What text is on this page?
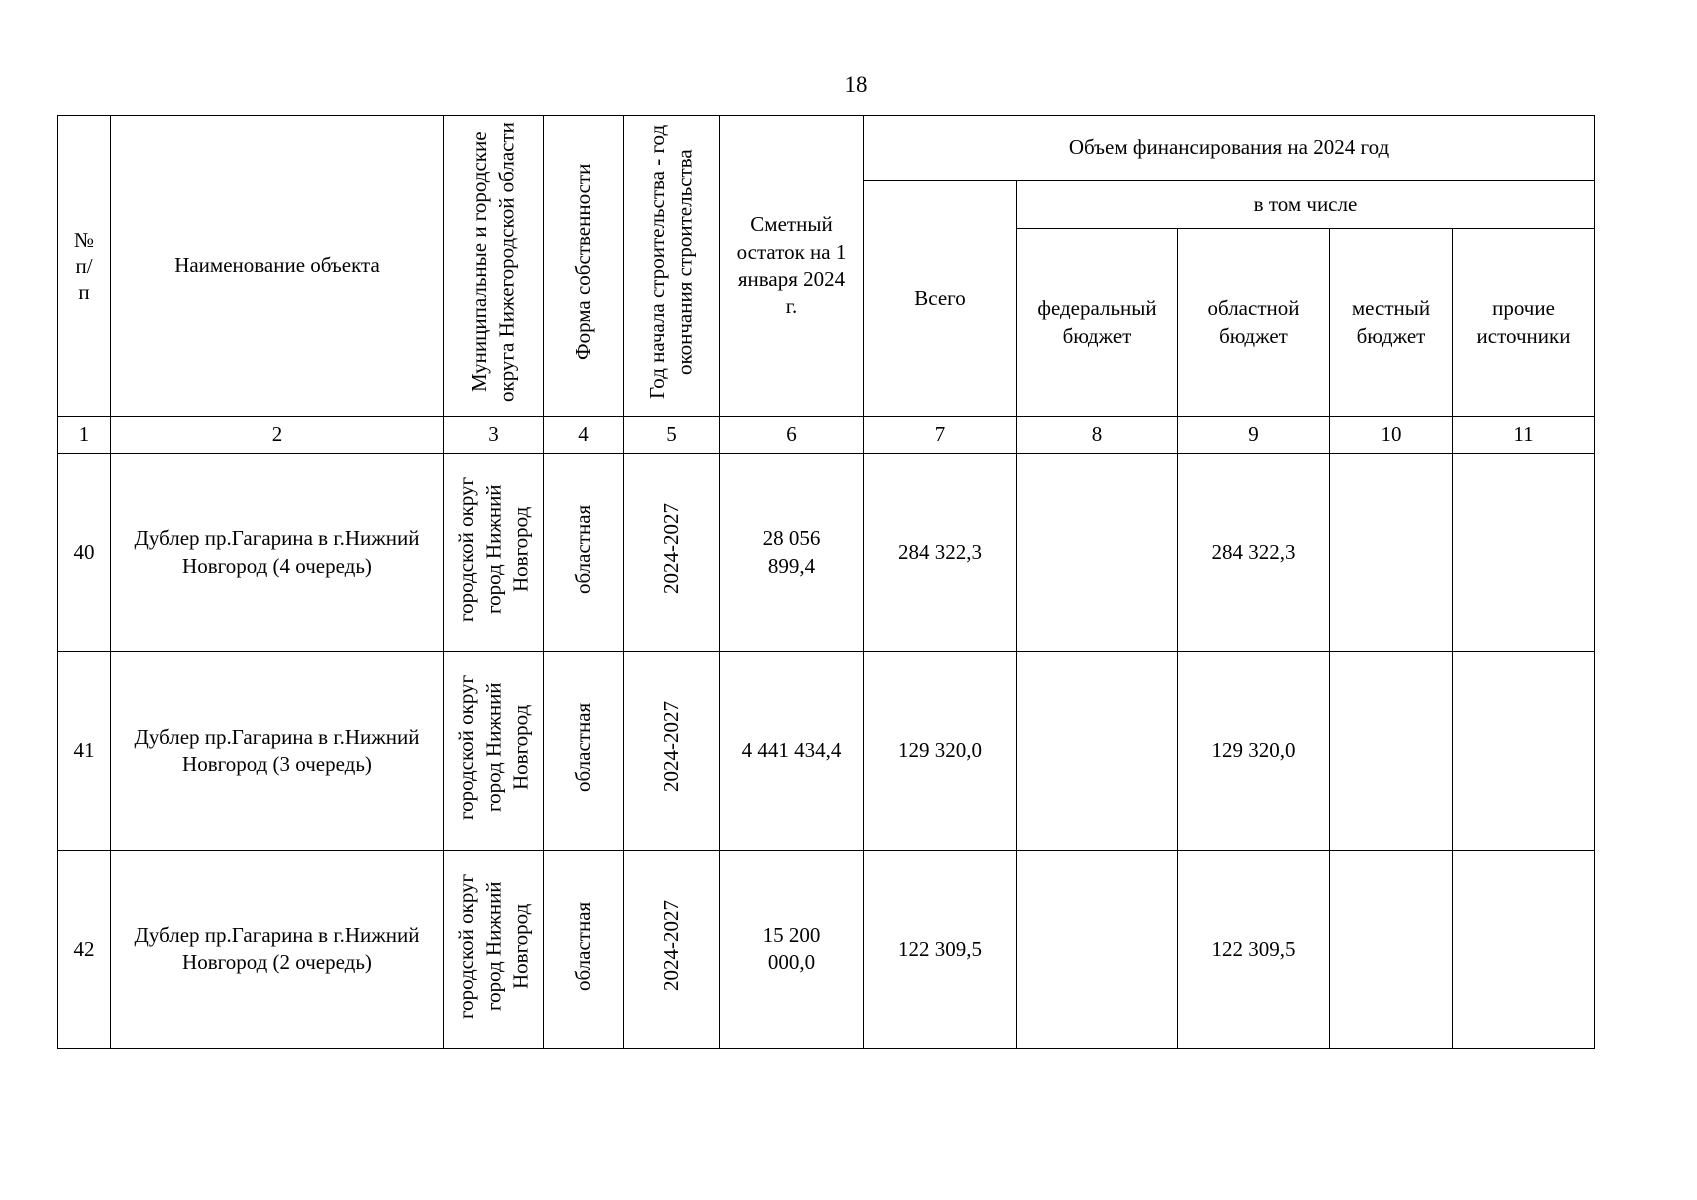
18
№ п/ п	Наименование объекта	Муниципальные и городские округа Нижегородской области	Форма собственности	Год начала строительства - год окончания строительства	Сметный остаток на 1 января 2024 г.	Объем финансирования на 2024 год				
						Всего	в том числе			
							федеральный бюджет	областной бюджет	местный бюджет	прочие источники
1	2	3	4	5	6	7	8	9	10	11
40	Дублер пр.Гагарина в г.Нижний Новгород (4 очередь)	городской округ город Нижний Новгород	областная	2024-2027	28 056 899,4	284 322,3		284 322,3		
41	Дублер пр.Гагарина в г.Нижний Новгород (3 очередь)	городской округ город Нижний Новгород	областная	2024-2027	4 441 434,4	129 320,0		129 320,0		
42	Дублер пр.Гагарина в г.Нижний Новгород (2 очередь)	городской округ город Нижний Новгород	областная	2024-2027	15 200 000,0	122 309,5		122 309,5		
